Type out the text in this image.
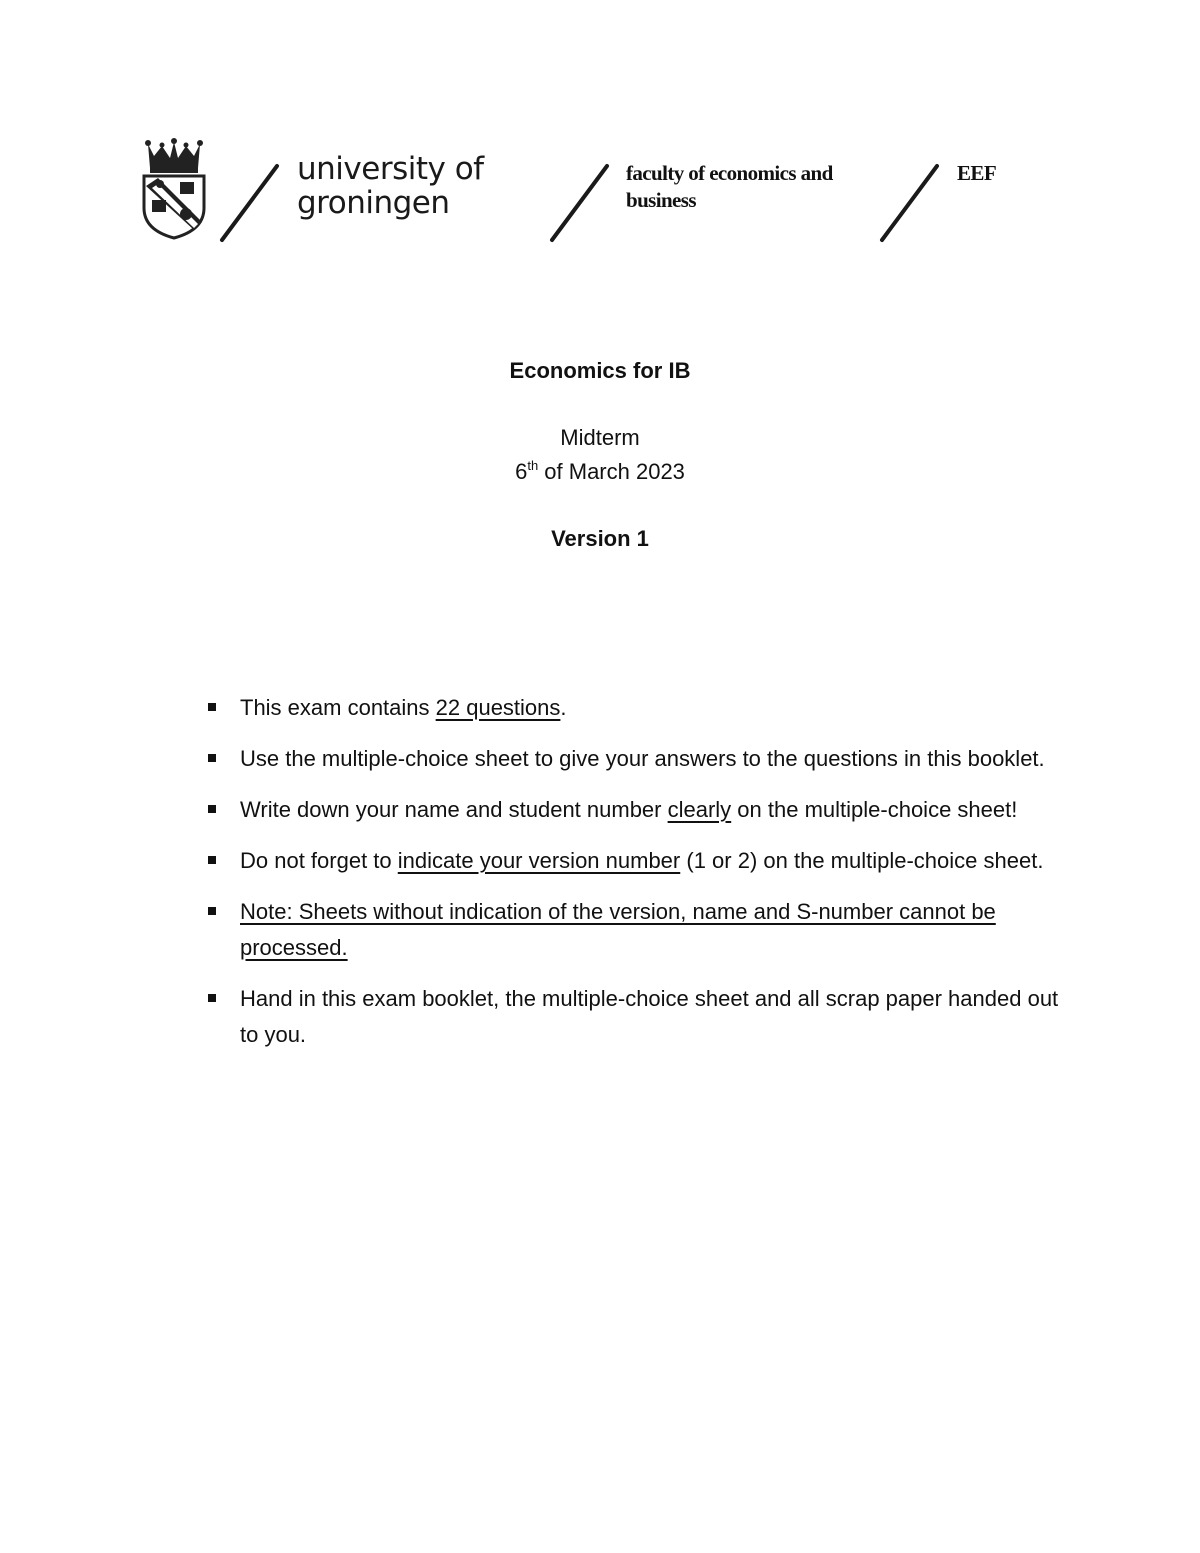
university of
groningen
faculty of economics and business
EEF
Economics for IB
Midterm
6th of March 2023
Version 1
This exam contains 22 questions.
Use the multiple-choice sheet to give your answers to the questions in this booklet.
Write down your name and student number clearly on the multiple-choice sheet!
Do not forget to indicate your version number (1 or 2) on the multiple-choice sheet.
Note: Sheets without indication of the version, name and S-number cannot be processed.
Hand in this exam booklet, the multiple-choice sheet and all scrap paper handed out to you.
